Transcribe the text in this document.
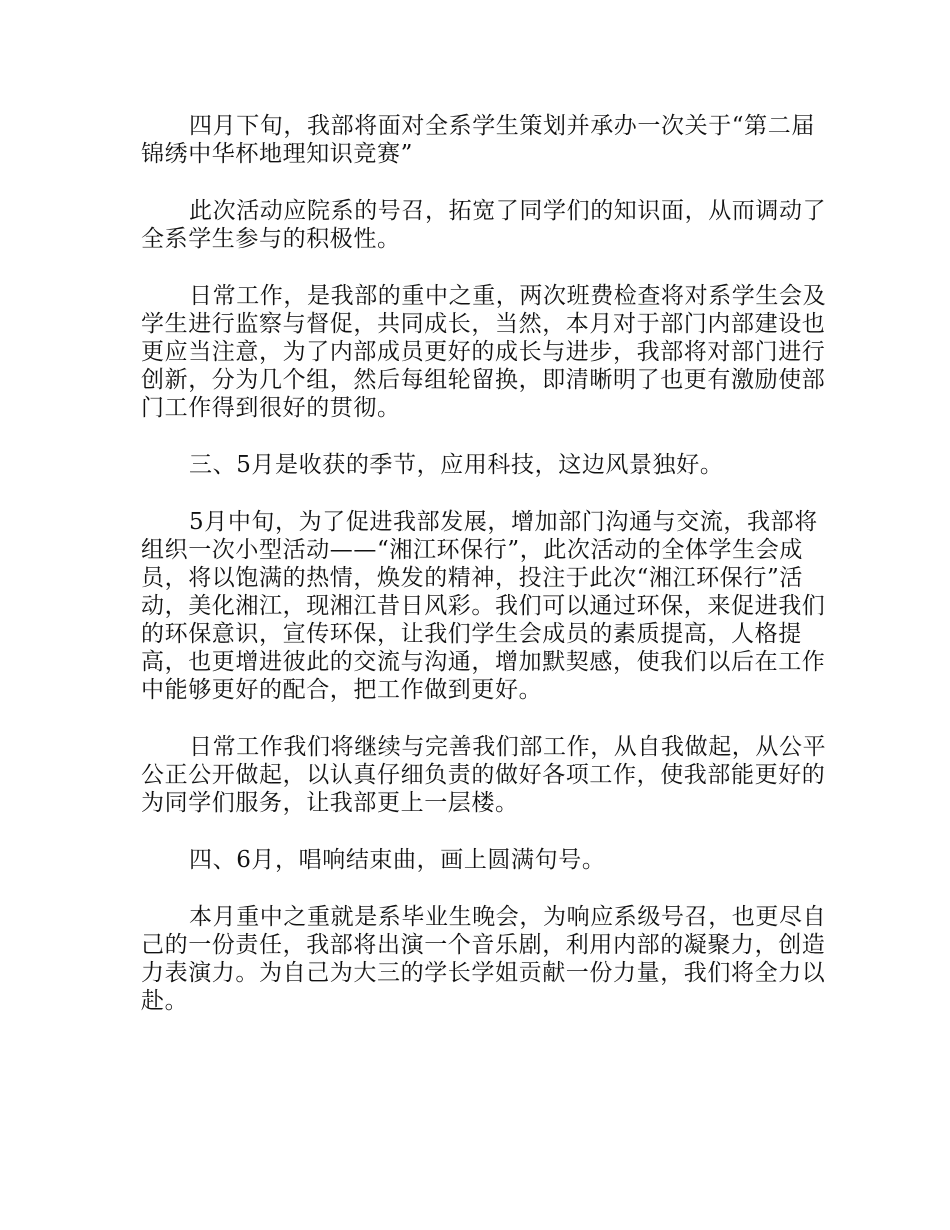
四月下旬，我部将面对全系学生策划并承办一次关于“第二届锦绣中华杯地理知识竞赛”

此次活动应院系的号召，拓宽了同学们的知识面，从而调动了全系学生参与的积极性。

日常工作，是我部的重中之重，两次班费检查将对系学生会及学生进行监察与督促，共同成长，当然，本月对于部门内部建设也更应当注意，为了内部成员更好的成长与进步，我部将对部门进行创新，分为几个组，然后每组轮留换，即清晰明了也更有激励使部门工作得到很好的贯彻。

三、5月是收获的季节，应用科技，这边风景独好。

5月中旬，为了促进我部发展，增加部门沟通与交流，我部将组织一次小型活动——“湘江环保行”，此次活动的全体学生会成员，将以饱满的热情，焕发的精神，投注于此次“湘江环保行”活动，美化湘江，现湘江昔日风彩。我们可以通过环保，来促进我们的环保意识，宣传环保，让我们学生会成员的素质提高，人格提高，也更增进彼此的交流与沟通，增加默契感，使我们以后在工作中能够更好的配合，把工作做到更好。

日常工作我们将继续与完善我们部工作，从自我做起，从公平公正公开做起，以认真仔细负责的做好各项工作，使我部能更好的为同学们服务，让我部更上一层楼。

四、6月，唱响结束曲，画上圆满句号。

本月重中之重就是系毕业生晚会，为响应系级号召，也更尽自己的一份责任，我部将出演一个音乐剧，利用内部的凝聚力，创造力表演力。为自己为大三的学长学姐贡献一份力量，我们将全力以赴。
